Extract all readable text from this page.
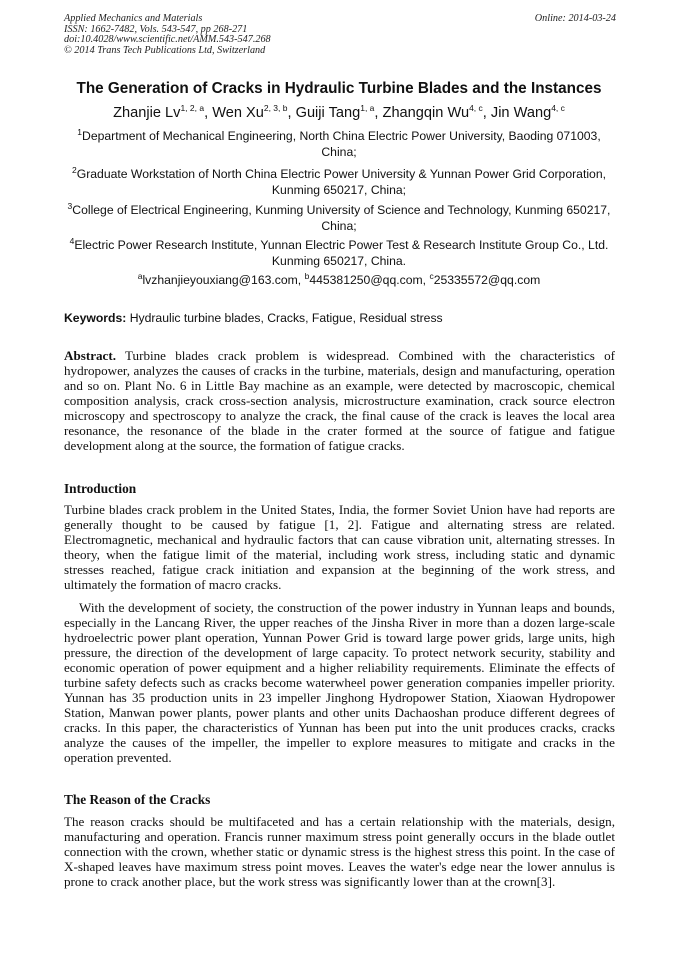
Applied Mechanics and Materials
ISSN: 1662-7482, Vols. 543-547, pp 268-271
doi:10.4028/www.scientific.net/AMM.543-547.268
© 2014 Trans Tech Publications Ltd, Switzerland
Online: 2014-03-24
The Generation of Cracks in Hydraulic Turbine Blades and the Instances
Zhanjie Lv$^{1, 2, a}$, Wen Xu$^{2, 3, b}$, Guiji Tang$^{1, a}$, Zhangqin Wu$^{4, c}$, Jin Wang$^{4, c}$
$^1$Department of Mechanical Engineering, North China Electric Power University, Baoding 071003, China;
$^2$Graduate Workstation of North China Electric Power University & Yunnan Power Grid Corporation, Kunming 650217, China;
$^3$College of Electrical Engineering, Kunming University of Science and Technology, Kunming 650217, China;
$^4$Electric Power Research Institute, Yunnan Electric Power Test & Research Institute Group Co., Ltd. Kunming 650217, China.
$^a$lvzhanjieyouxiang@163.com, $^b$445381250@qq.com, $^c$25335572@qq.com
Keywords: Hydraulic turbine blades, Cracks, Fatigue, Residual stress
Abstract. Turbine blades crack problem is widespread. Combined with the characteristics of hydropower, analyzes the causes of cracks in the turbine, materials, design and manufacturing, operation and so on. Plant No. 6 in Little Bay machine as an example, were detected by macroscopic, chemical composition analysis, crack cross-section analysis, microstructure examination, crack source electron microscopy and spectroscopy to analyze the crack, the final cause of the crack is leaves the local area resonance, the resonance of the blade in the crater formed at the source of fatigue and fatigue development along at the source, the formation of fatigue cracks.
Introduction
Turbine blades crack problem in the United States, India, the former Soviet Union have had reports are generally thought to be caused by fatigue [1, 2]. Fatigue and alternating stress are related. Electromagnetic, mechanical and hydraulic factors that can cause vibration unit, alternating stresses. In theory, when the fatigue limit of the material, including work stress, including static and dynamic stresses reached, fatigue crack initiation and expansion at the beginning of the work stress, and ultimately the formation of macro cracks.
With the development of society, the construction of the power industry in Yunnan leaps and bounds, especially in the Lancang River, the upper reaches of the Jinsha River in more than a dozen large-scale hydroelectric power plant operation, Yunnan Power Grid is toward large power grids, large units, high pressure, the direction of the development of large capacity. To protect network security, stability and economic operation of power equipment and a higher reliability requirements. Eliminate the effects of turbine safety defects such as cracks become waterwheel power generation companies impeller priority. Yunnan has 35 production units in 23 impeller Jinghong Hydropower Station, Xiaowan Hydropower Station, Manwan power plants, power plants and other units Dachaoshan produce different degrees of cracks. In this paper, the characteristics of Yunnan has been put into the unit produces cracks, cracks analyze the causes of the impeller, the impeller to explore measures to mitigate and cracks in the operation prevented.
The Reason of the Cracks
The reason cracks should be multifaceted and has a certain relationship with the materials, design, manufacturing and operation. Francis runner maximum stress point generally occurs in the blade outlet connection with the crown, whether static or dynamic stress is the highest stress this point. In the case of X-shaped leaves have maximum stress point moves. Leaves the water's edge near the lower annulus is prone to crack another place, but the work stress was significantly lower than at the crown[3].
